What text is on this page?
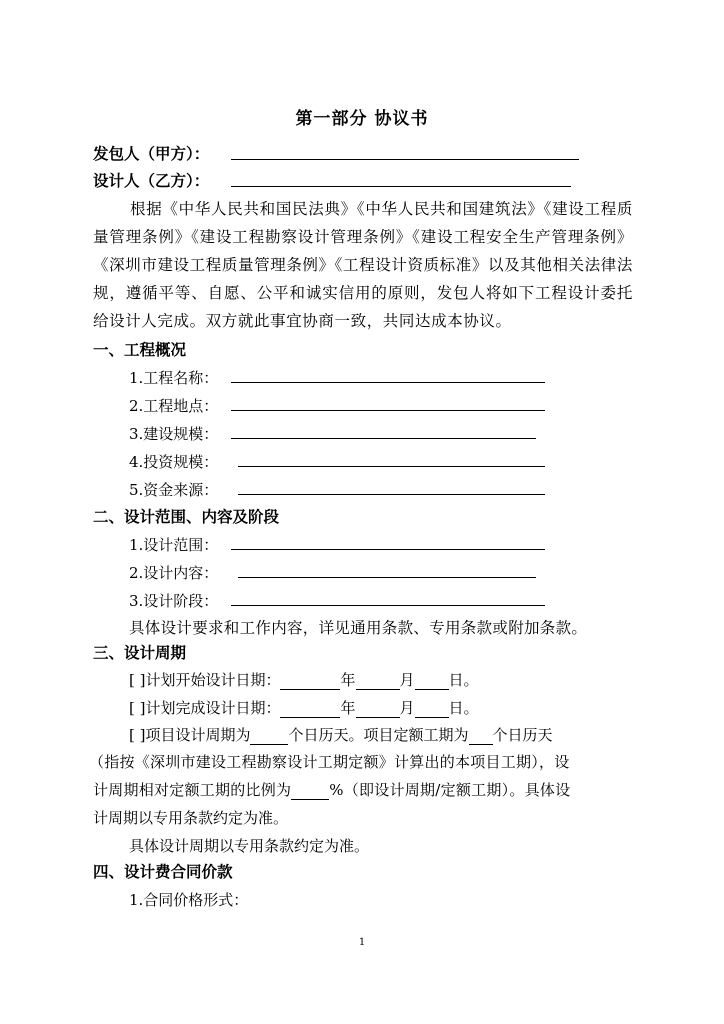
第一部分 协议书
发包人（甲方）：
设计人（乙方）：
根据《中华人民共和国民法典》《中华人民共和国建筑法》《建设工程质量管理条例》《建设工程勘察设计管理条例》《建设工程安全生产管理条例》《深圳市建设工程质量管理条例》《工程设计资质标准》以及其他相关法律法规，遵循平等、自愿、公平和诚实信用的原则，发包人将如下工程设计委托给设计人完成。双方就此事宜协商一致，共同达成本协议。
一、工程概况
1.工程名称：
2.工程地点：
3.建设规模：
4.投资规模：
5.资金来源：
二、设计范围、内容及阶段
1.设计范围：
2.设计内容：
3.设计阶段：
具体设计要求和工作内容，详见通用条款、专用条款或附加条款。
三、设计周期
[ ]计划开始设计日期：	年	月 日。
[ ]计划完成设计日期：	年	月 日。
[ ]项目设计周期为	个日历天。项目定额工期为 个日历天
（指按《深圳市建设工程勘察设计工期定额》计算出的本项目工期），设
计周期相对定额工期的比例为	%（即设计周期/定额工期）。具体设
计周期以专用条款约定为准。
具体设计周期以专用条款约定为准。
四、设计费合同价款
1.合同价格形式：
1
